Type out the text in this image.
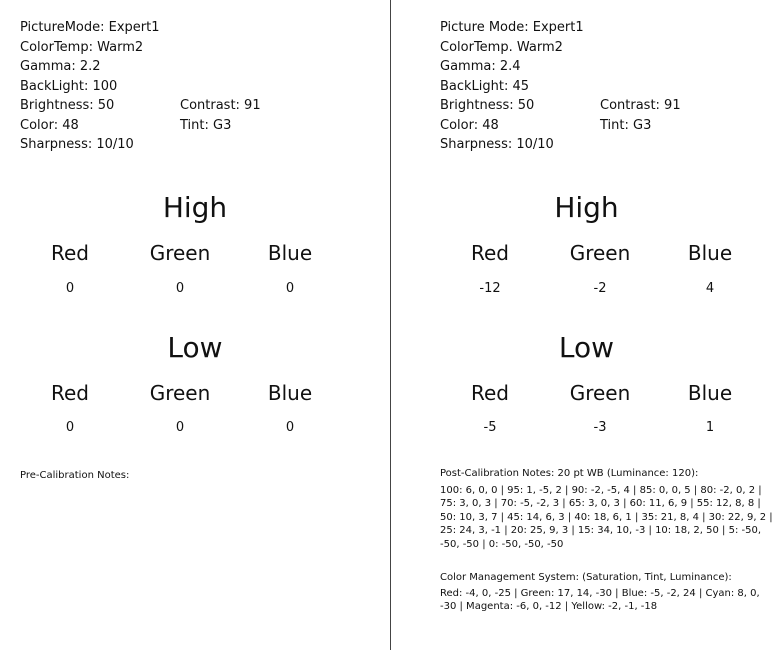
PictureMode: Expert1
ColorTemp: Warm2
Gamma: 2.2
BackLight: 100
Brightness: 50	Contrast: 91
Color: 48	Tint: G3
Sharpness: 10/10
High
Red	Green	Blue
0	0	0
Low
Red	Green	Blue
0	0	0
Pre-Calibration Notes:
Picture Mode: Expert1
ColorTemp. Warm2
Gamma: 2.4
BackLight: 45
Brightness: 50	Contrast: 91
Color: 48	Tint: G3
Sharpness: 10/10
High
Red	Green	Blue
-12	-2	4
Low
Red	Green	Blue
-5	-3	1
Post-Calibration Notes: 20 pt WB (Luminance: 120):
100: 6, 0, 0 | 95: 1, -5, 2 | 90: -2, -5, 4 | 85: 0, 0, 5 | 80: -2, 0, 2 | 75: 3, 0, 3 | 70: -5, -2, 3 | 65: 3, 0, 3 | 60: 11, 6, 9 | 55: 12, 8, 8 | 50: 10, 3, 7 | 45: 14, 6, 3 | 40: 18, 6, 1 | 35: 21, 8, 4 | 30: 22, 9, 2 | 25: 24, 3, -1 | 20: 25, 9, 3 | 15: 34, 10, -3 | 10: 18, 2, 50 | 5: -50, -50, -50 | 0: -50, -50, -50
Color Management System: (Saturation, Tint, Luminance):
Red: -4, 0, -25 | Green: 17, 14, -30 | Blue: -5, -2, 24 | Cyan: 8, 0, -30 | Magenta: -6, 0, -12 | Yellow: -2, -1, -18
